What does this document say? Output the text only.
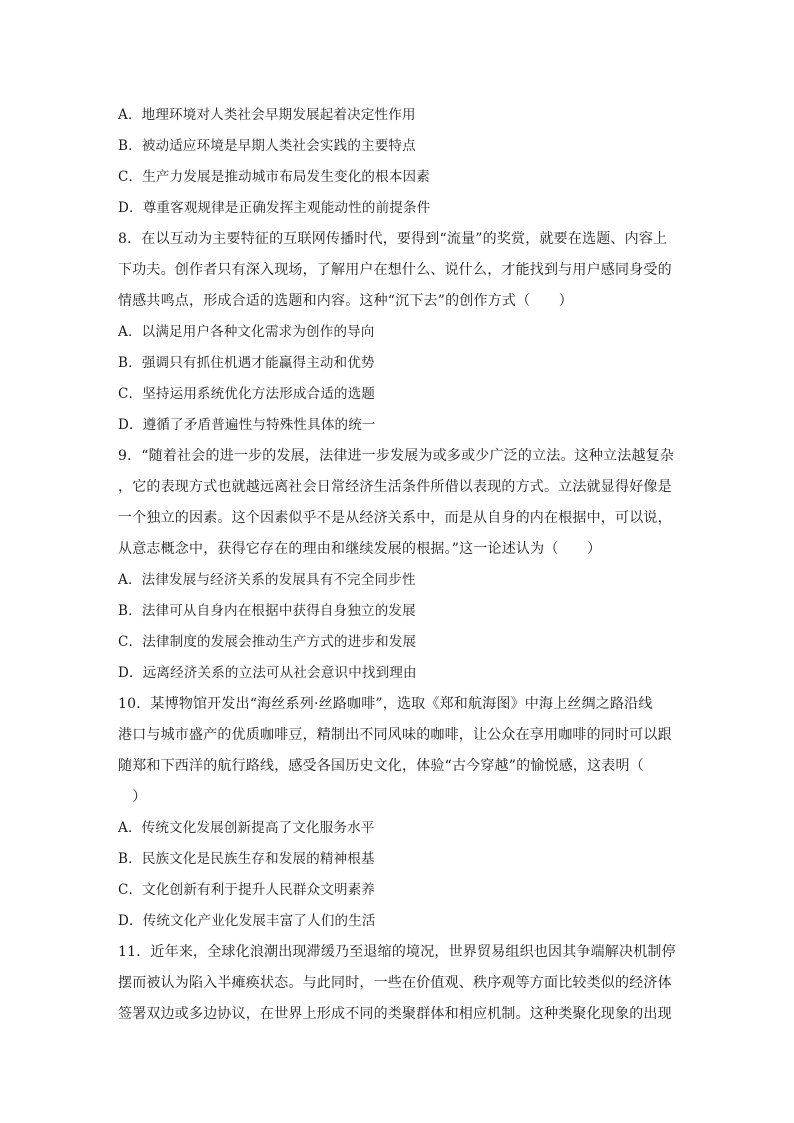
A．地理环境对人类社会早期发展起着决定性作用
B．被动适应环境是早期人类社会实践的主要特点
C．生产力发展是推动城市布局发生变化的根本因素
D．尊重客观规律是正确发挥主观能动性的前提条件
8．在以互动为主要特征的互联网传播时代，要得到“流量”的奖赏，就要在选题、内容上
下功夫。创作者只有深入现场，了解用户在想什么、说什么，才能找到与用户感同身受的
情感共鸣点，形成合适的选题和内容。这种“沉下去”的创作方式（　　）
A．以满足用户各种文化需求为创作的导向
B．强调只有抓住机遇才能赢得主动和优势
C．坚持运用系统优化方法形成合适的选题
D．遵循了矛盾普遍性与特殊性具体的统一
9．“随着社会的进一步的发展，法律进一步发展为或多或少广泛的立法。这种立法越复杂
，它的表现方式也就越远离社会日常经济生活条件所借以表现的方式。立法就显得好像是
一个独立的因素。这个因素似乎不是从经济关系中，而是从自身的内在根据中，可以说，
从意志概念中，获得它存在的理由和继续发展的根据。”这一论述认为（　　）
A．法律发展与经济关系的发展具有不完全同步性
B．法律可从自身内在根据中获得自身独立的发展
C．法律制度的发展会推动生产方式的进步和发展
D．远离经济关系的立法可从社会意识中找到理由
10．某博物馆开发出“海丝系列·丝路咖啡”，选取《郑和航海图》中海上丝绸之路沿线
港口与城市盛产的优质咖啡豆，精制出不同风味的咖啡，让公众在享用咖啡的同时可以跟
随郑和下西洋的航行路线，感受各国历史文化，体验“古今穿越”的愉悦感，这表明（
　）
A．传统文化发展创新提高了文化服务水平
B．民族文化是民族生存和发展的精神根基
C．文化创新有利于提升人民群众文明素养
D．传统文化产业化发展丰富了人们的生活
11．近年来，全球化浪潮出现滞缓乃至退缩的境况，世界贸易组织也因其争端解决机制停
摆而被认为陷入半瘫痪状态。与此同时，一些在价值观、秩序观等方面比较类似的经济体
签署双边或多边协议，在世界上形成不同的类聚群体和相应机制。这种类聚化现象的出现
